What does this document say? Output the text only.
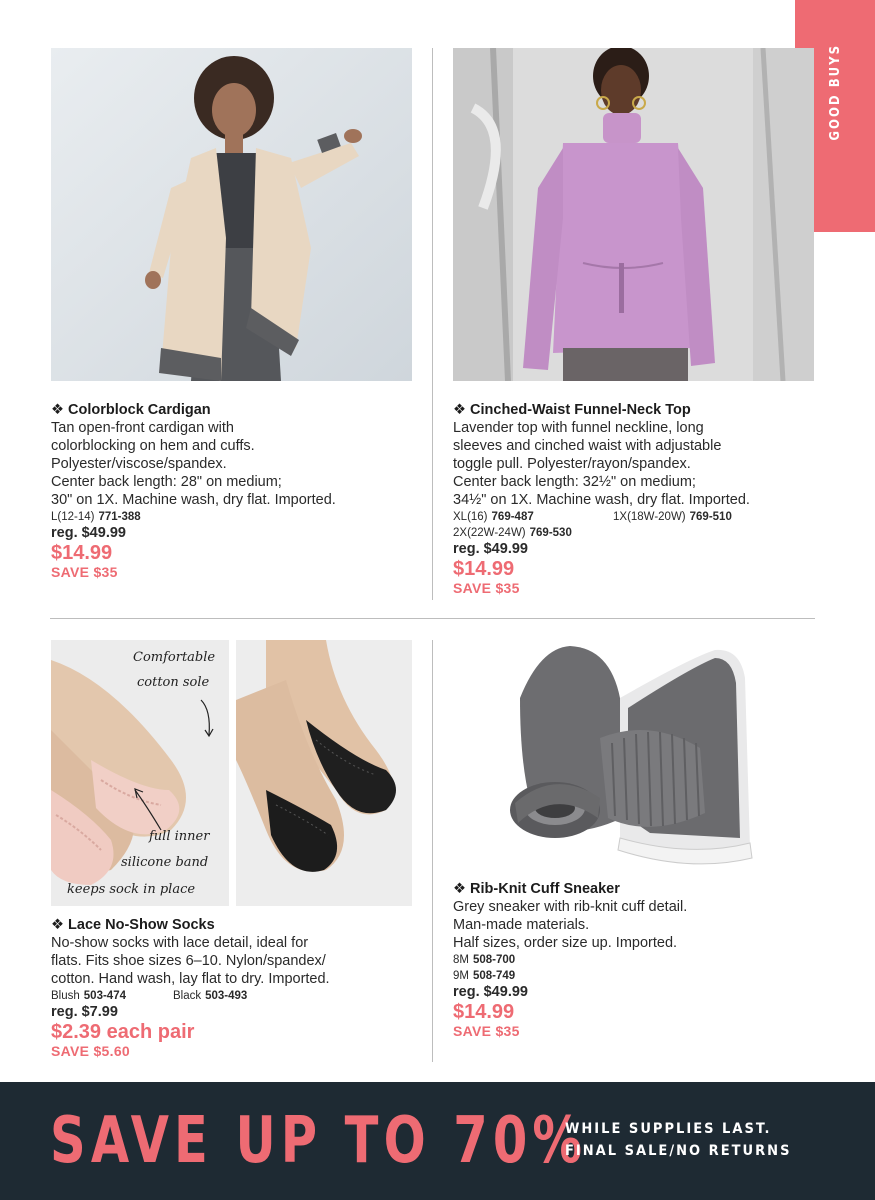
GOOD BUYS
❖ Colorblock Cardigan
Tan open-front cardigan with
colorblocking on hem and cuffs.
Polyester/viscose/spandex.
Center back length: 28" on medium;
30" on 1X. Machine wash, dry flat. Imported.
L(12-14) 771-388
reg. $49.99
$14.99
SAVE $35
❖ Cinched-Waist Funnel-Neck Top
Lavender top with funnel neckline, long
sleeves and cinched waist with adjustable
toggle pull. Polyester/rayon/spandex.
Center back length: 32½" on medium;
34½" on 1X. Machine wash, dry flat. Imported.
XL(16) 769-487	1X(18W-20W) 769-510
2X(22W-24W) 769-530
reg. $49.99
$14.99
SAVE $35
Comfortable
cotton sole
full inner
silicone band
keeps sock in place
❖ Lace No-Show Socks
No-show socks with lace detail, ideal for
flats. Fits shoe sizes 6–10. Nylon/spandex/
cotton. Hand wash, lay flat to dry. Imported.
Blush 503-474	Black 503-493
reg. $7.99
$2.39 each pair
SAVE $5.60
❖ Rib-Knit Cuff Sneaker
Grey sneaker with rib-knit cuff detail.
Man-made materials.
Half sizes, order size up. Imported.
8M 508-700
9M 508-749
reg. $49.99
$14.99
SAVE $35
SAVE UP TO 70%
WHILE SUPPLIES LAST.
FINAL SALE/NO RETURNS
